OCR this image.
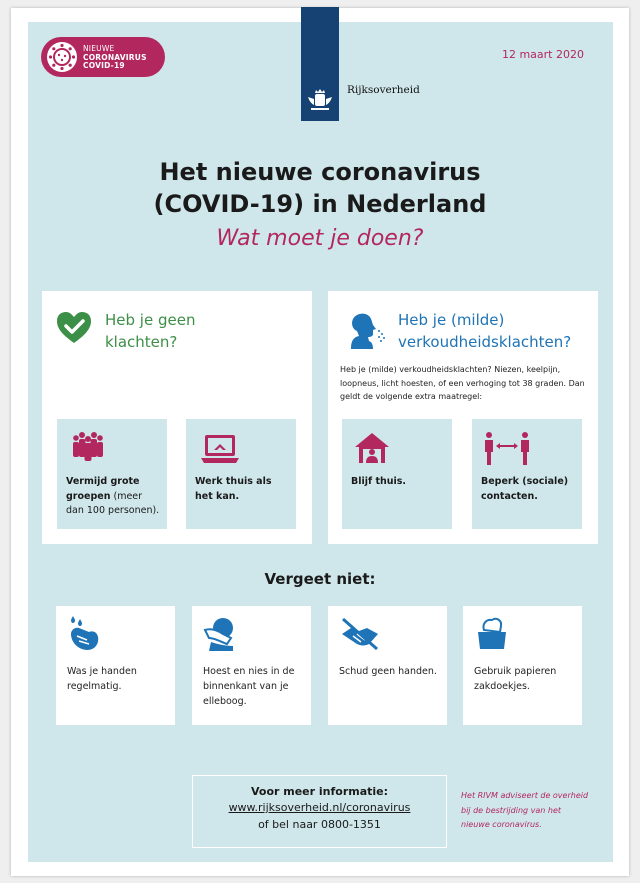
NIEUWE
CORONAVIRUS
COVID-19
12 maart 2020
Rijksoverheid
Het nieuwe coronavirus
(COVID-19) in Nederland
Wat moet je doen?
Heb je geen klachten?
Vermijd grote groepen (meer dan 100 personen).
Werk thuis als het kan.
Heb je (milde) verkoudheidsklachten?
Heb je (milde) verkoudheidsklachten? Niezen, keelpijn, loopneus, licht hoesten, of een verhoging tot 38 graden. Dan geldt de volgende extra maatregel:
Blijf thuis.	Beperk (sociale) contacten.
Vergeet niet:
Was je handen regelmatig.
Hoest en nies in de binnenkant van je elleboog.
Schud geen handen.	Gebruik papieren zakdoekjes.
Voor meer informatie:
www.rijksoverheid.nl/coronavirus
of bel naar 0800-1351
Het RIVM adviseert de overheid bij de bestrijding van het nieuwe coronavirus.
